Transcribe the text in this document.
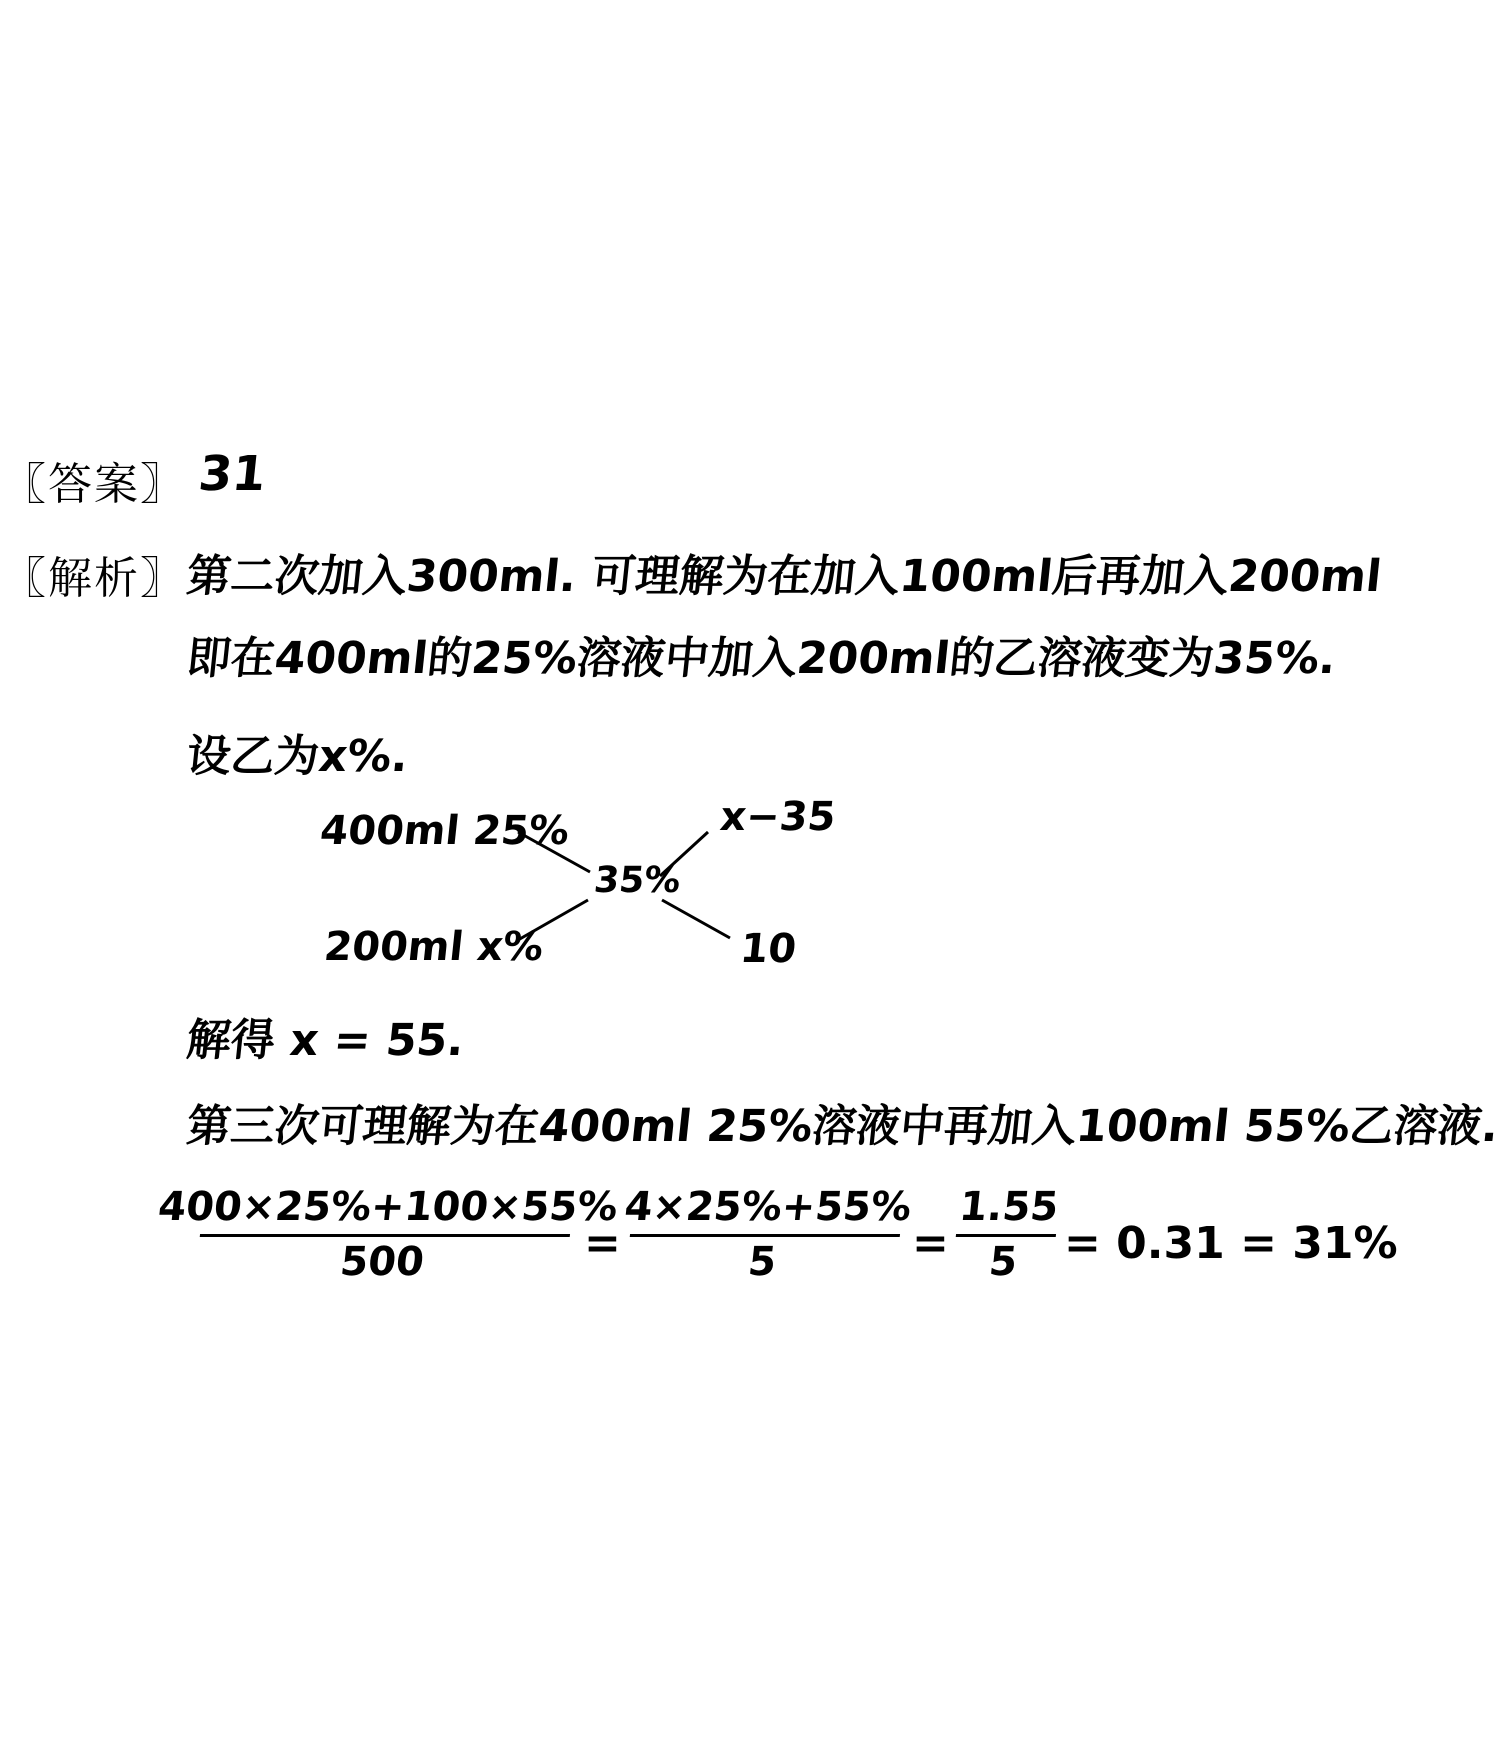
〖答案〗 31
〖解析〗
第二次加入300ml. 可理解为在加入100ml后再加入200ml
即在400ml的25%溶液中加入200ml的乙溶液变为35%.
设乙为x%.
400ml 25%
200ml x%
35%
x−35
10
解得 x = 55.
第三次可理解为在400ml 25%溶液中再加入100ml 55%乙溶液.
400×25%+100×55%
500	=
4×25%+55%
5	=
1.55
5 = 0.31 = 31%
